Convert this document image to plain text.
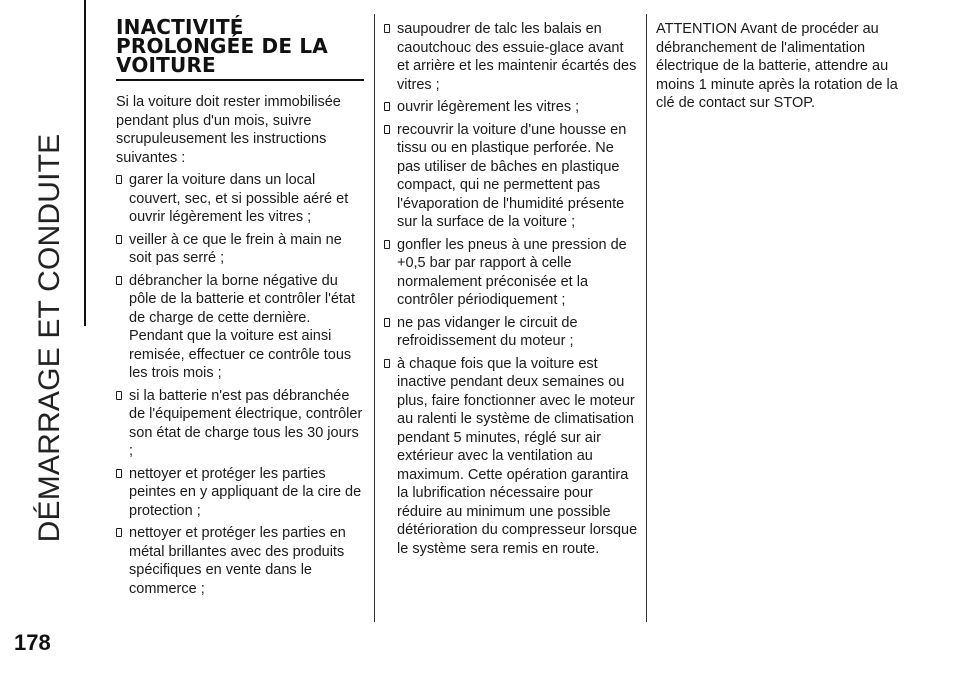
DÉMARRAGE ET CONDUITE
178
INACTIVITÉ
PROLONGÉE DE LA
VOITURE

Si la voiture doit rester immobilisée pendant plus d'un mois, suivre scrupuleusement les instructions suivantes :

garer la voiture dans un local couvert, sec, et si possible aéré et ouvrir légèrement les vitres ;
veiller à ce que le frein à main ne soit pas serré ;
débrancher la borne négative du pôle de la batterie et contrôler l'état de charge de cette dernière. Pendant que la voiture est ainsi remisée, effectuer ce contrôle tous les trois mois ;
si la batterie n'est pas débranchée de l'équipement électrique, contrôler son état de charge tous les 30 jours ;
nettoyer et protéger les parties peintes en y appliquant de la cire de protection ;
nettoyer et protéger les parties en métal brillantes avec des produits spécifiques en vente dans le commerce ;
saupoudrer de talc les balais en caoutchouc des essuie-glace avant et arrière et les maintenir écartés des vitres ;
ouvrir légèrement les vitres ;
recouvrir la voiture d'une housse en tissu ou en plastique perforée. Ne pas utiliser de bâches en plastique compact, qui ne permettent pas l'évaporation de l'humidité présente sur la surface de la voiture ;
gonfler les pneus à une pression de +0,5 bar par rapport à celle normalement préconisée et la contrôler périodiquement ;
ne pas vidanger le circuit de refroidissement du moteur ;
à chaque fois que la voiture est inactive pendant deux semaines ou plus, faire fonctionner avec le moteur au ralenti le système de climatisation pendant 5 minutes, réglé sur air extérieur avec la ventilation au maximum. Cette opération garantira la lubrification nécessaire pour réduire au minimum une possible détérioration du compresseur lorsque le système sera remis en route.

ATTENTION Avant de procéder au débranchement de l'alimentation électrique de la batterie, attendre au moins 1 minute après la rotation de la clé de contact sur STOP.
